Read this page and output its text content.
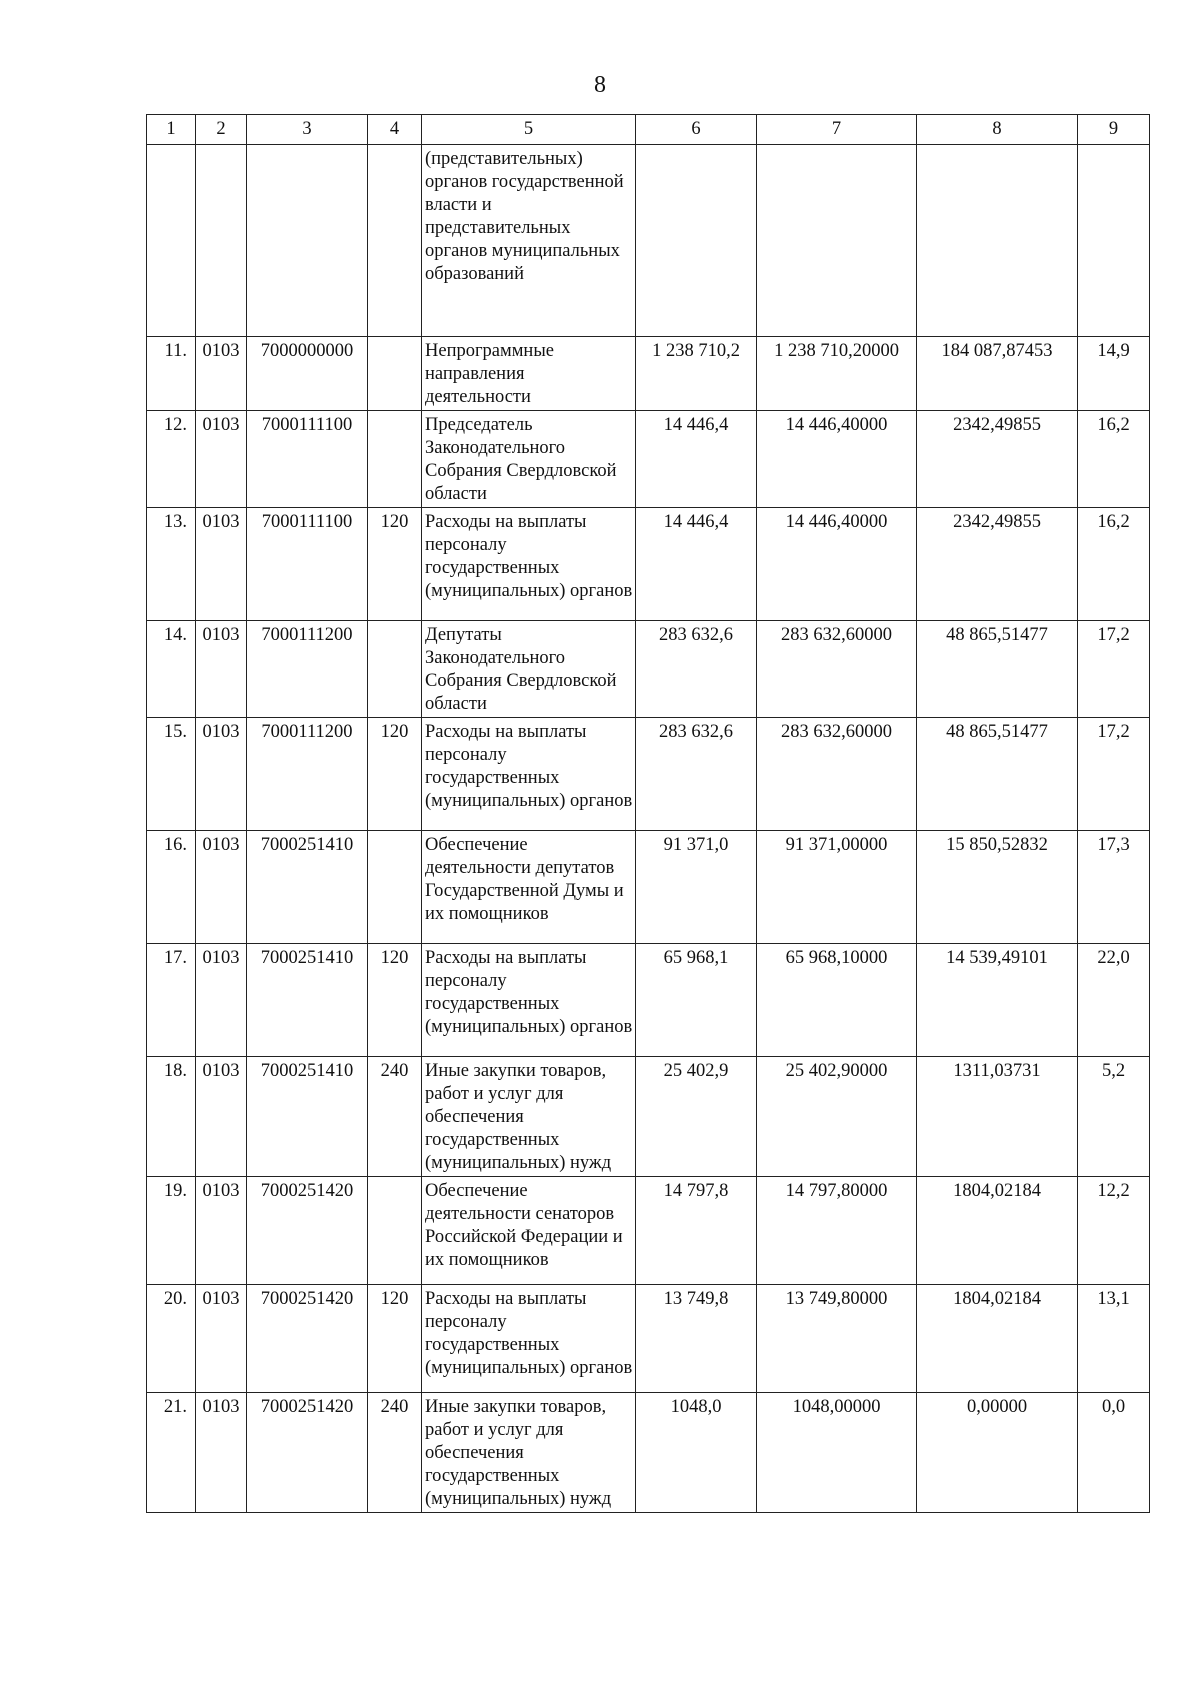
8
1	2	3	4	5	6	7	8	9
				(представительных) органов государственной власти и представительных органов муниципальных образований				
11.	0103	7000000000		Непрограммные направления деятельности	1 238 710,2	1 238 710,20000	184 087,87453	14,9
12.	0103	7000111100		Председатель Законодательного Собрания Свердловской области	14 446,4	14 446,40000	2342,49855	16,2
13.	0103	7000111100	120	Расходы на выплаты персоналу государственных (муниципальных) органов	14 446,4	14 446,40000	2342,49855	16,2
14.	0103	7000111200		Депутаты Законодательного Собрания Свердловской области	283 632,6	283 632,60000	48 865,51477	17,2
15.	0103	7000111200	120	Расходы на выплаты персоналу государственных (муниципальных) органов	283 632,6	283 632,60000	48 865,51477	17,2
16.	0103	7000251410		Обеспечение деятельности депутатов Государственной Думы и их помощников	91 371,0	91 371,00000	15 850,52832	17,3
17.	0103	7000251410	120	Расходы на выплаты персоналу государственных (муниципальных) органов	65 968,1	65 968,10000	14 539,49101	22,0
18.	0103	7000251410	240	Иные закупки товаров, работ и услуг для обеспечения государственных (муниципальных) нужд	25 402,9	25 402,90000	1311,03731	5,2
19.	0103	7000251420		Обеспечение деятельности сенаторов Российской Федерации и их помощников	14 797,8	14 797,80000	1804,02184	12,2
20.	0103	7000251420	120	Расходы на выплаты персоналу государственных (муниципальных) органов	13 749,8	13 749,80000	1804,02184	13,1
21.	0103	7000251420	240	Иные закупки товаров, работ и услуг для обеспечения государственных (муниципальных) нужд	1048,0	1048,00000	0,00000	0,0
